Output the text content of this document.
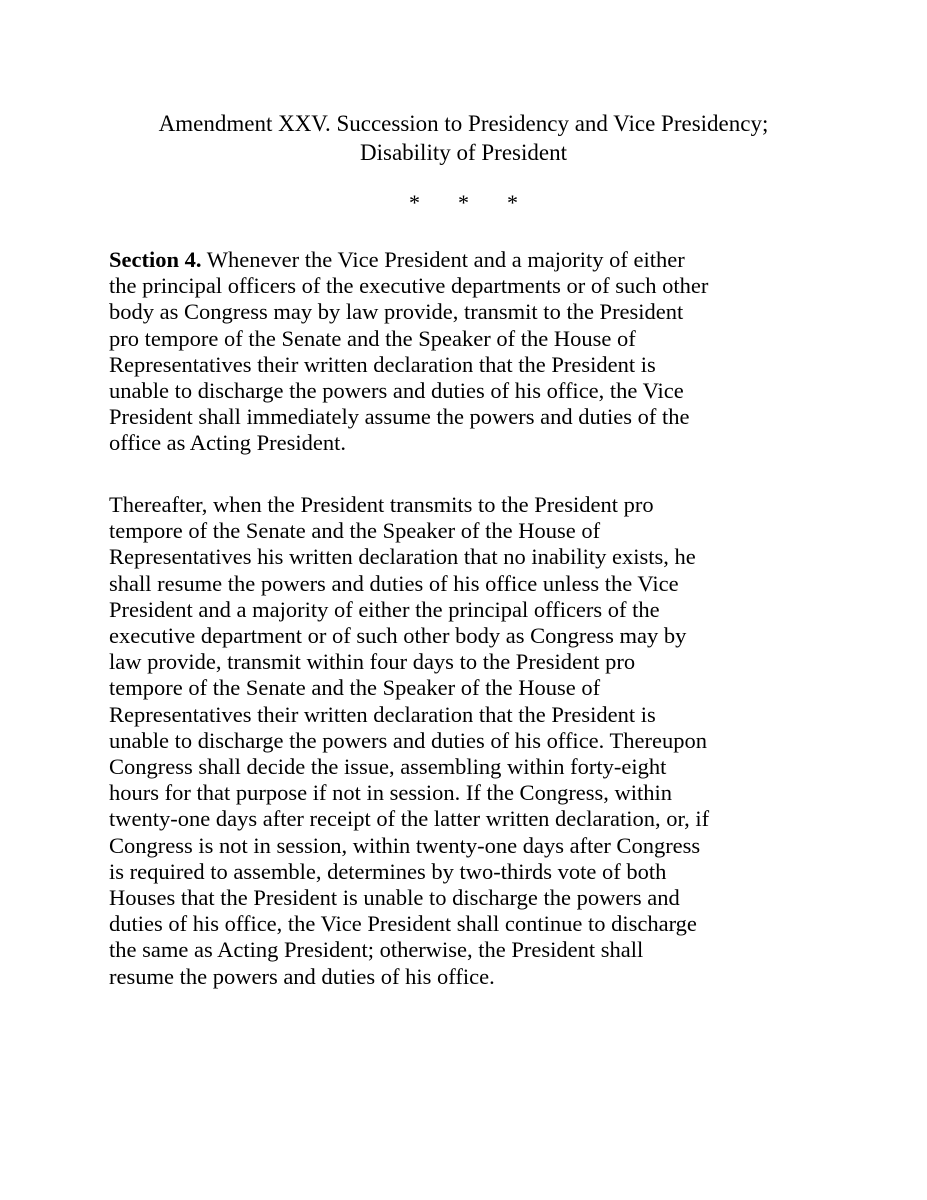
Amendment XXV. Succession to Presidency and Vice Presidency;
Disability of President
* * *
Section 4. Whenever the Vice President and a majority of either
the principal officers of the executive departments or of such other
body as Congress may by law provide, transmit to the President
pro tempore of the Senate and the Speaker of the House of
Representatives their written declaration that the President is
unable to discharge the powers and duties of his office, the Vice
President shall immediately assume the powers and duties of the
office as Acting President.
Thereafter, when the President transmits to the President pro
tempore of the Senate and the Speaker of the House of
Representatives his written declaration that no inability exists, he
shall resume the powers and duties of his office unless the Vice
President and a majority of either the principal officers of the
executive department or of such other body as Congress may by
law provide, transmit within four days to the President pro
tempore of the Senate and the Speaker of the House of
Representatives their written declaration that the President is
unable to discharge the powers and duties of his office. Thereupon
Congress shall decide the issue, assembling within forty-eight
hours for that purpose if not in session. If the Congress, within
twenty-one days after receipt of the latter written declaration, or, if
Congress is not in session, within twenty-one days after Congress
is required to assemble, determines by two-thirds vote of both
Houses that the President is unable to discharge the powers and
duties of his office, the Vice President shall continue to discharge
the same as Acting President; otherwise, the President shall
resume the powers and duties of his office.
